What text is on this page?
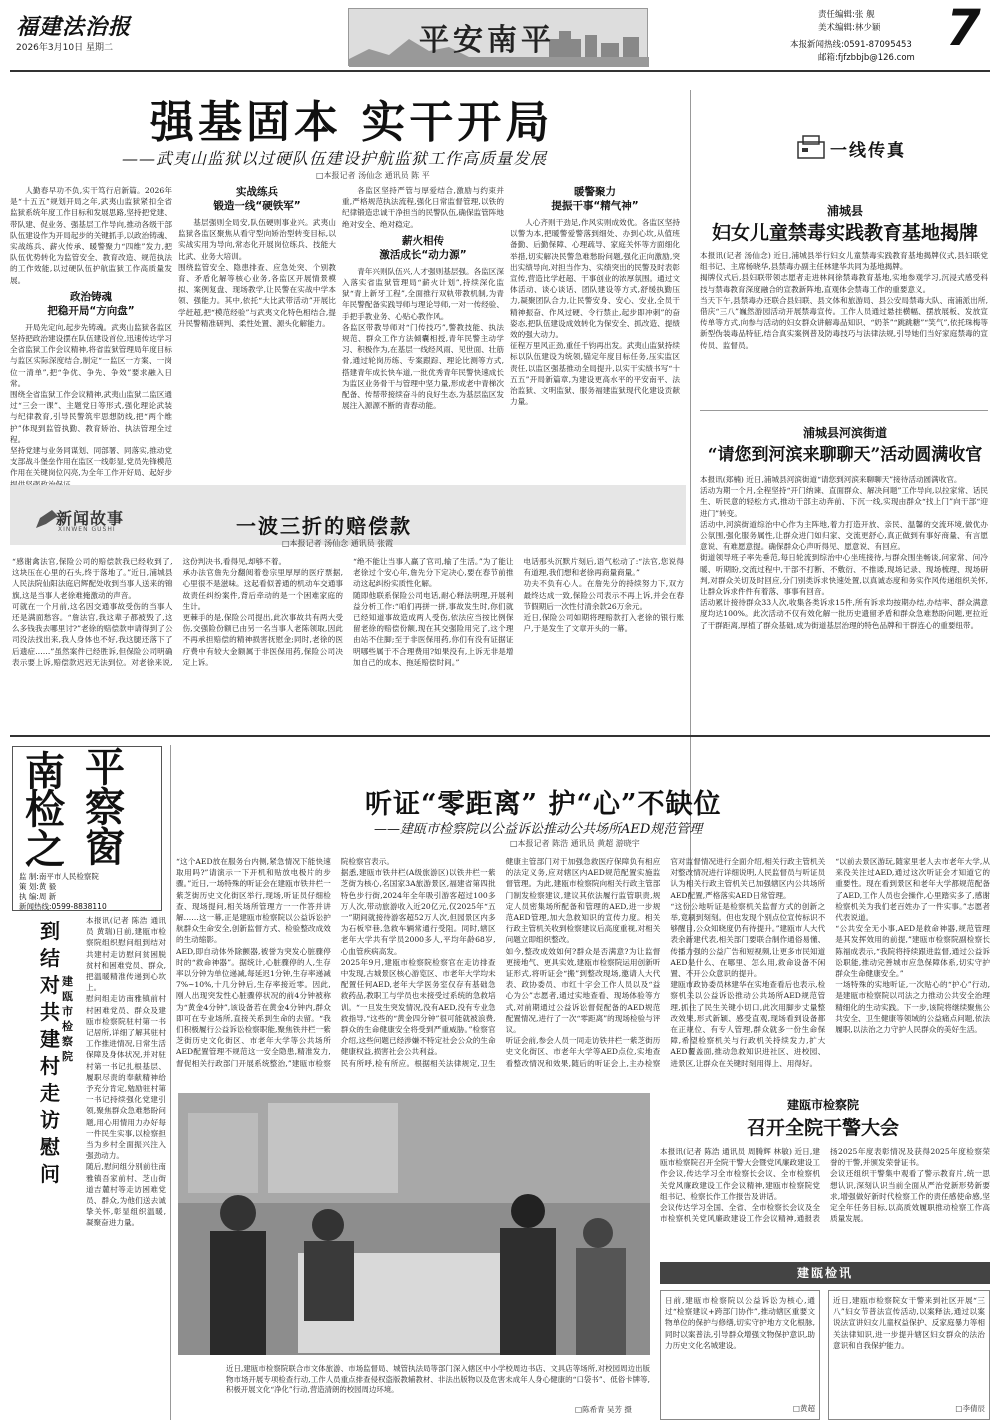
福建法治报
2026年3月10日 星期二	平安南平
责任编辑:张 舰
美术编辑:林少颖
本报新闻热线:0591-87095453
邮箱:fjfzbbjb@126.com
7
强基固本 实干开局
——武夷山监狱以过硬队伍建设护航监狱工作高质量发展
□本报记者 汤仙念 通讯员 陈 平

人勤春早功不负,实干笃行启新篇。2026年是“十五五”规划开局之年,武夷山监狱紧扣全省监狱系统年度工作目标和发展思路,坚持把党建、带队建、促业务、强基层工作导向,推动各级干部队伍建设作为开局起步的关键抓手,以政治铸魂、实战练兵、薪火传承、暖警聚力“四维”发力,把队伍优势转化为监管安全、教育改造、规范执法的工作效能,以过硬队伍护航监狱工作高质量发展。

政治铸魂
把稳开局“方向盘”

开局先定向,起步先铸魂。武夷山监狱各监区坚持把政治建设摆在队伍建设首位,迅速传达学习全省监狱工作会议精神,将省监狱管理局年度目标与监区实际深度结合,制定“一监区一方案、一岗位一清单”,把“争优、争先、争效”要求融入日常。
围绕全省监狱工作会议精神,武夷山监狱二监区通过“三会一课”、主题党日等形式,强化理论武装与纪律教育,引导民警筑牢思想防线,把“两个维护”体现到监管执勤、教育矫治、执法管理全过程。
坚持党建与业务同谋划、同部署、同落实,推动党支部战斗堡垒作用在监区一线彰显,党员先锋模范作用在关键岗位闪亮,为全年工作开好局、起好步

实战练兵
锻造一线“硬铁军”

基层强则全局安,队伍硬则事业兴。武夷山监狱各监区聚焦从看守型向矫治型转变目标,以实战实用为导向,常态化开展岗位练兵、技能大比武、业务大培训。
围绕监管安全、隐患排查、应急处突、个别教育、矛盾化解等核心业务,各监区开展情景模拟、案例复盘、现场教学,让民警在实战中学本领、强能力。其中,依托“大比武带活动”开展比学赶超,把“模范经验”与武夷文化特色相结合,提升民警精准研判、柔性处置、源头化解能力。

各监区坚持严管与厚爱结合,激励与约束并重,严格规范执法流程,强化日常监督管理,以铁的纪律锻造忠诚干净担当的民警队伍,确保监管阵地绝对安全、绝对稳定。

薪火相传
激活成长“动力源”

青年兴则队伍兴,人才强则基层强。各监区深入落实省监狱管理局“薪火计划”,持续深化监狱“青上新牙工程”,全面推行双轨带教机制,为青年民警配备实践导师与理论导师,一对一传经验、手把手教业务、心贴心教作风。
各监区带教导师对“门传技巧”,警教技能、执法规范、群众工作方法倾囊相授,青年民警主动学习、积极作为,在基层一线经风雨、见世面、壮筋骨,通过轮岗历练、专案跟踪、理论比测等方式,搭建青年成长快车道,一批优秀青年民警快速成长为监区业务骨干与管理中坚力量,形成老中青梯次配备、传帮带接续奋斗的良好生态,为基层监区发展注入源源不断的青春动能。

暖警聚力
提振干事“精气神”

人心齐则干劲足,作风实则成效优。各监区坚持以警为本,把暖警爱警落到细处、办到心坎,从值班备勤、后勤保障、心理疏导、家庭关怀等方面细化举措,切实解决民警急难愁盼问题,强化正向激励,突出实绩导向,对担当作为、实绩突出的民警及时表彰宣传,营造比学赶超、干事创业的浓厚氛围。通过文体活动、谈心谈话、团队建设等方式,舒缓执勤压力,凝聚团队合力,让民警安身、安心、安业,全员干精神振奋、作风过硬、令行禁止,起步即冲刺”的奋姿态,把队伍建设成效转化为保安全、抓改造、提绩效的强大动力。
征程万里风正劲,重任千钧再出发。武夷山监狱持续标以队伍建设为统领,锚定年度目标任务,压实监区责任,以监区强基推动全局提升,以实干实绩书写“十五五”开局新篇章,为建设更高水平的平安南平、法治监狱、文明监狱、服务福建监狱现代化建设贡献力量。

一线传真
浦城县
妇女儿童禁毒实践教育基地揭牌
本报讯(记者 汤仙念) 近日,浦城县举行妇女儿童禁毒实践教育基地揭牌仪式,县妇联党组书记、主席杨晓华,县禁毒办副主任林建华共同为基地揭牌。
揭牌仪式后,县妇联带领志愿者走进林间徐禁毒教育基地,实地参观学习,沉浸式感受科技与禁毒教育深度融合的宣教新阵地,直观体会禁毒工作的重要意义。
当天下午,县禁毒办还联合县妇联、县文体和旅游局、县公安局禁毒大队、南浦派出所,借庆“三八”巍然游园活动开展禁毒宣传。工作人员通过悬挂横幅、摆放展板、发放宣传单等方式,向参与活动的妇女群众讲解毒品知识、“奶茶”“跳跳糖”“笑气”,依托珠梅等新型伪装毒品特征,结合真实案例普及防毒技巧与法律法规,引导她们当好家庭禁毒的宣传员、监督员。
浦城县河滨街道
“请您到河滨来聊聊天”活动圆满收官
本报讯(郑楠) 近日,浦城县河滨街道“请您到河滨来聊聊天”接待活动圆满收官。
活动为期一个月,全程坚持“开门纳谏、直面群众、解决问题”工作导向,以拉家常、话民生、听民意的轻松方式,推动干部主动奔前、下沉一线,实现由群众“找上门”向干部“迎进门”转变。
活动中,河滨街道综治中心作为主阵地,着力打造开放、亲民、温馨的交流环境,做优办公氛围,强化服务属性,让群众进门如归家、交流更舒心,真正做到有事好商量、有言愿意说、有难愿意提。确保群众心声听得见、愿意说、有回应。
街道领导班子率先垂范,每日轮流到综治中心坐班接待,与群众围坐畅谈,问家常、问冷暖、听期盼,交流过程中,干部不打断、不敷衍、不推诿,现场记录、现场梳理、现场研判,对群众关切及时回应,分门别类诉求快速处置,以真诚态度和务实作风传递组织关怀,让群众诉求件件有着落、事事有回音。
活动累计接待群众33人次,收集各类诉求15件,所有诉求均按期办结,办结率、群众满意度均达100%。此次活动不仅有效化解一批历史遗留矛盾和群众急难愁盼问题,更拉近了干群距离,厚植了群众基础,成为街道基层治理的特色品牌和干群连心的重要纽带。
新闻故事
XINWEN GUSHI	一波三折的赔偿款
□本报记者 汤仙念 通讯员 张霞
“感谢禽法官,保险公司的赔偿款我已经收到了,这块压在心里的石头,终于落地了。”近日,浦城县人民法院仙阳法庭启辉配处收到当事人送来的锦旗,这是当事人老徐难掩激动的声音。
可就在一个月前,这名因交通事故受伤的当事人还是满面愁容。“詹法官,我这辈子都被毁了,这么多钱我去哪里讨?”老徐的赔偿款申请得到了公司没法找出来,我人身体也不好,我这腿还落下了后遗症……”虽然案件已经胜诉,但保险公司明确表示要上诉,赔偿款迟迟无法到位。对老徐来说,这份判决书,看得见,却够不着。
承办法官詹先分翻阅着卷宗里厚厚的医疗票据,心里很不是滋味。这起看似普通的机动车交通事故责任纠纷案件,背后牵动的是一个困难家庭的生计。
更棘手的是,保险公司提出,此次事故共有两大受伤,交强险份额已由另一名当事人老陈领取,因此不再承担赔偿的精神损害抚慰金;同时,老徐的医疗费中有较大金额属于非医保用药,保险公司决定上诉。
“绝不能让当事人赢了官司,输了生活。”为了能让老徐过个安心年,詹先分下定决心,要在春节前推动这起纠纷实质性化解。
随即他联系保险公司电话,耐心释法明理,开展利益分析工作:“咱们再拼一拼,事故发生时,你们就已经知道事故造成两人受伤,依法应当按比例保留老徐的赔偿份额,现在其交强险用完了,这个理由站不住脚;至于非医保用药,你们有没有证据证明哪些属于不合理费用?如果没有,上诉无非是增加自己的成本、拖延赔偿时间。”
电话那头沉默片刻后,语气松动了:“法官,您说得有道理,我们想和老徐再商量商量。”
功夫不负有心人。在詹先分的持续努力下,双方最终达成一致,保险公司表示不再上诉,并会在春节假期后一次性付清余款26万余元。
近日,保险公司如期将理赔款打入老徐的银行账户,于是发生了文章开头的一幕。
南 平
检 察
之 窗
监 制:南平市人民检察院
策 划:黄 毅
执 编:周 新
新闻热线:0599-8838110
到结对共建村走访慰问
建瓯市检察院
本报讯(记者 陈浩 通讯员 黄瑞)日前,建瓯市检察院组织慰问组到结对共建村走访慰问贫困脱贫村和困难党员、群众,把温暖精准传递到心坎上。
慰问组走访南雅镇前村村困难党员、群众及建瓯市检察院驻村第一书记居所,详细了解其驻村工作推进情况,日常生活保障及身体状况,并对驻村第一书记扎根基层、履职尽责的奉献精神给予充分肯定,勉励驻村第一书记持续强化党建引领,聚焦群众急难愁盼问题,用心用情用力办好每一件民生实事,以检察担当为乡村全面振兴注入强劲动力。
随后,慰问组分别前往南雅镇吾家前村、芝山街道吉麓村等走访困难党员、群众,为他们送去诚挚关怀,彰显组织温暖,凝聚奋进力量。
听证“零距离” 护“心”不缺位
——建瓯市检察院以公益诉讼推动公共场所AED规范管理
□本报记者 陈浩 通讯员 黄超 游晓宇
“这个AED放在服务台内侧,紧急情况下能快速取用吗?”请演示一下开机和贴放电极片的步骤。”近日,一场特殊的听证会在建瓯市铁井栏一紫芝街历史文化街区举行,现场,听证员仔细检查、现场提问,相关场所管理方一一作答并讲解……这一幕,正是建瓯市检察院以公益诉讼护航群众生命安全,创新监督方式、检验整改成效的生动缩影。
AED,即自动体外除颤器,被誉为突发心脏骤停时的“救命神器”。据统计,心脏骤停的人,生存率以分钟为单位递减,每延迟1分钟,生存率递减7%~10%,十几分钟后,生存率接近零。因此,刚人出现突发性心脏骤停状况的前4分钟被称为“黄金4分钟”,该设备若在黄金4分钟内,群众即可在专业场所,直接关系到生命的去留。“我们积极履行公益诉讼检察职能,聚焦铁井栏一紫芝街历史文化街区、市老年大学等公共场所AED配置管理不规范这一安全隐患,精准发力,督促相关行政部门开展系统整治,”建瓯市检察院检察官表示。
据悉,建瓯市铁井栏(A级旅游区)以铁井栏一紫芝街为核心,名国家3A旅游景区,福建省第四批特色步行街,2024年全年吸引游客超过100多万人次,带动旅游收入近20亿元,仅2025年“五一”期间就接待游客超52万人次,但园景区内多为石板窄巷,急救车辆常通行受阻。同时,辖区老年大学共有学员2000多人,平均年龄68岁,心血管疾病高发。
2025年9月,建瓯市检察院检察官在走访排查中发现,古城景区核心游览区、市老年大学均未配置任何AED,老年大学医务室仅存有基础急救药品,教职工与学员也未接受过系统的急救培训。“一旦发生突发情况,没有AED,没有专业急救指导,“这些的“黄金四分钟”很可能就被浪费,群众的生命健康安全将受到严重威胁。”检察官介绍,这些问题已经涉嫌不特定社会公众的生命健康权益,损害社会公共利益。
民有所呼,检有所应。根据相关法律规定,卫生健康主管部门对于加强急救医疗保障负有相应的法定义务,应对辖区内AED规范配置实施监督管理。为此,建瓯市检察院向相关行政主管部门制发检察建议,建议其依法履行监管职责,规定人员密集场所配备和管理的AED,进一步规范AED管理,加大急救知识的宣传力度。相关行政主管机关收到检察建议后高度重视,对相关问题立即组织整改。
如今,整改成效如何?群众是否满意?为让监督更接地气、更具实效,建瓯市检察院运用创新听证形式,将听证会“搬”到整改现场,邀请人大代表、政协委员、市红十字会工作人员以及“益心为公”志愿者,通过实地查看、现场体验等方式,对前期通过公益诉讼督促配备的AED规范配置情况,进行了一次“零距离”的现场检验与评议。
听证会前,参会人员一同走访铁井栏一紫芝街历史文化街区、市老年大学等AED点位,实地查看整改情况和效果,随后的听证会上,主办检察官对监督情况进行全面介绍,相关行政主管机关对整改情况进行详细说明,人民监督员与听证员认为相关行政主管机关已加强辖区内公共场所AED配置,严格落实AED日常管理。
“这份公地听证是检察机关监督方式的创新之举,竟刷到刻刻。但也发现个别点位宣传标识不够醒目,公众知晓度仍有待提升。”建瓯市人大代表余新建代表,相关部门要联合制作通俗易懂、传播力强的公益广告和短视频,让更多市民知道AED是什么、在哪里、怎么用,救命设备不闲置、不开公众意识的提升。
建瓯市政协委员林建华在实地查看后也表示,检察机关以公益诉讼推动公共场所AED规范管理,抓住了民生关键小切口,此次用脚步丈量整改效果,形式新颖、感受直观,现场看到设备都在正规位、有专人管理,群众就多一份生命保障,希望检察机关与行政机关持续发力,扩大AED覆盖面,推动急救知识进社区、进校园、进景区,让群众在关键时刻用得上、用得好。
“以前去景区游玩,随家里老人去市老年大学,从来没关注过AED,通过这次听证会才知道它的重要性。现在看到景区和老年大学都规范配备了AED,工作人员也会操作,心里踏实多了,感谢检察机关为我们老百姓办了一件实事。”志愿者代表说道。
“公共安全无小事,AED是救命神器,规范管理是其发挥效用的前提,”建瓯市检察院副检察长陈福成表示,“我院将持续跟进监督,通过公益诉讼职能,推动完善城市应急保障体系,切实守护群众生命健康安全。”
一场特殊的实地听证,一次贴心的“护心”行动,是建瓯市检察院以司法之力推动公共安全治理精细化的生动实践。下一步,该院将继续聚焦公共安全、卫生健康等领域的公益痛点问题,依法履职,以法治之力守护人民群众的美好生活。
近日,建瓯市检察院联合市文体旅游、市场监督局、城管执法局等部门深入辖区中小学校周边书店、文具店等场所,对校园周边出版物市场开展专项检查行动,工作人员重点排查侵权盗版教辅教材、非法出版物以及危害未成年人身心健康的“口袋书”、低俗卡牌等,积极开展文化“净化”行动,营造清朗的校园周边环境。
□陈希青 吴芳 摄
建瓯市检察院
召开全院干警大会
本报讯(记者 陈浩 通讯员 周腾辉 林敏) 近日,建瓯市检察院召开全院干警大会暨党风廉政建设工作会议,传达学习全市检察长会议、全市检察机关党风廉政建设工作会议精神,建瓯市检察院党组书记、检察长作工作报告及讲话。
会议传达学习全国、全省、全市检察长会议及全市检察机关党风廉政建设工作会议精神,通报表扬2025年度表彰情况及获得2025年度检察荣誉的干警,并颁发荣誉证书。
会议还组织干警集中观看了警示教育片,统一思想认识,深刻认识当前全面从严治党新形势新要求,增强做好新时代检察工作的责任感使命感,坚定全年任务目标,以高质效履职推动检察工作高质量发展。
建瓯检讯
日前,建瓯市检察院以公益诉讼为核心,通过“检察建议+跨部门协作”,推动辖区重要文物单位的保护与修缮,切实守护地方文化根脉,同时以案普法,引导群众增强文物保护意识,助力历史文化名城建设。
□黄超
近日,建瓯市检察院女干警来到社区开展“三八”妇女节普法宣传活动,以案释法,通过以案说法宣讲妇女儿童权益保护、反家庭暴力等相关法律知识,进一步提升辖区妇女群众的法治意识和自我保护能力。
□李倩辰
